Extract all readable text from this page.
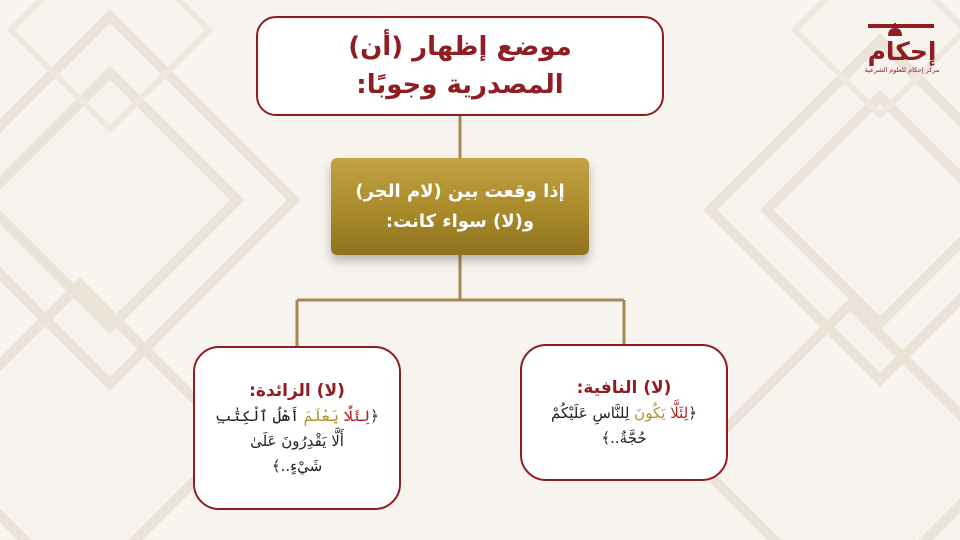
إحكام
مركز إحكام للعلوم الشرعية
موضع إظهار (أن)
المصدرية وجوبًا:
إذا وقعت بين (لام الجر)
و(لا) سواء كانت:
(لا) الزائدة:
﴿لِئَلَّا يَعْلَمَ أَهْلُ ٱلْكِتَٰبِ
أَلَّا يَقْدِرُونَ عَلَىٰ
شَيْءٍ..﴾
(لا) النافية:
﴿لِئَلَّا يَكُونَ لِلنَّاسِ عَلَيْكُمْ
حُجَّةٌ..﴾
